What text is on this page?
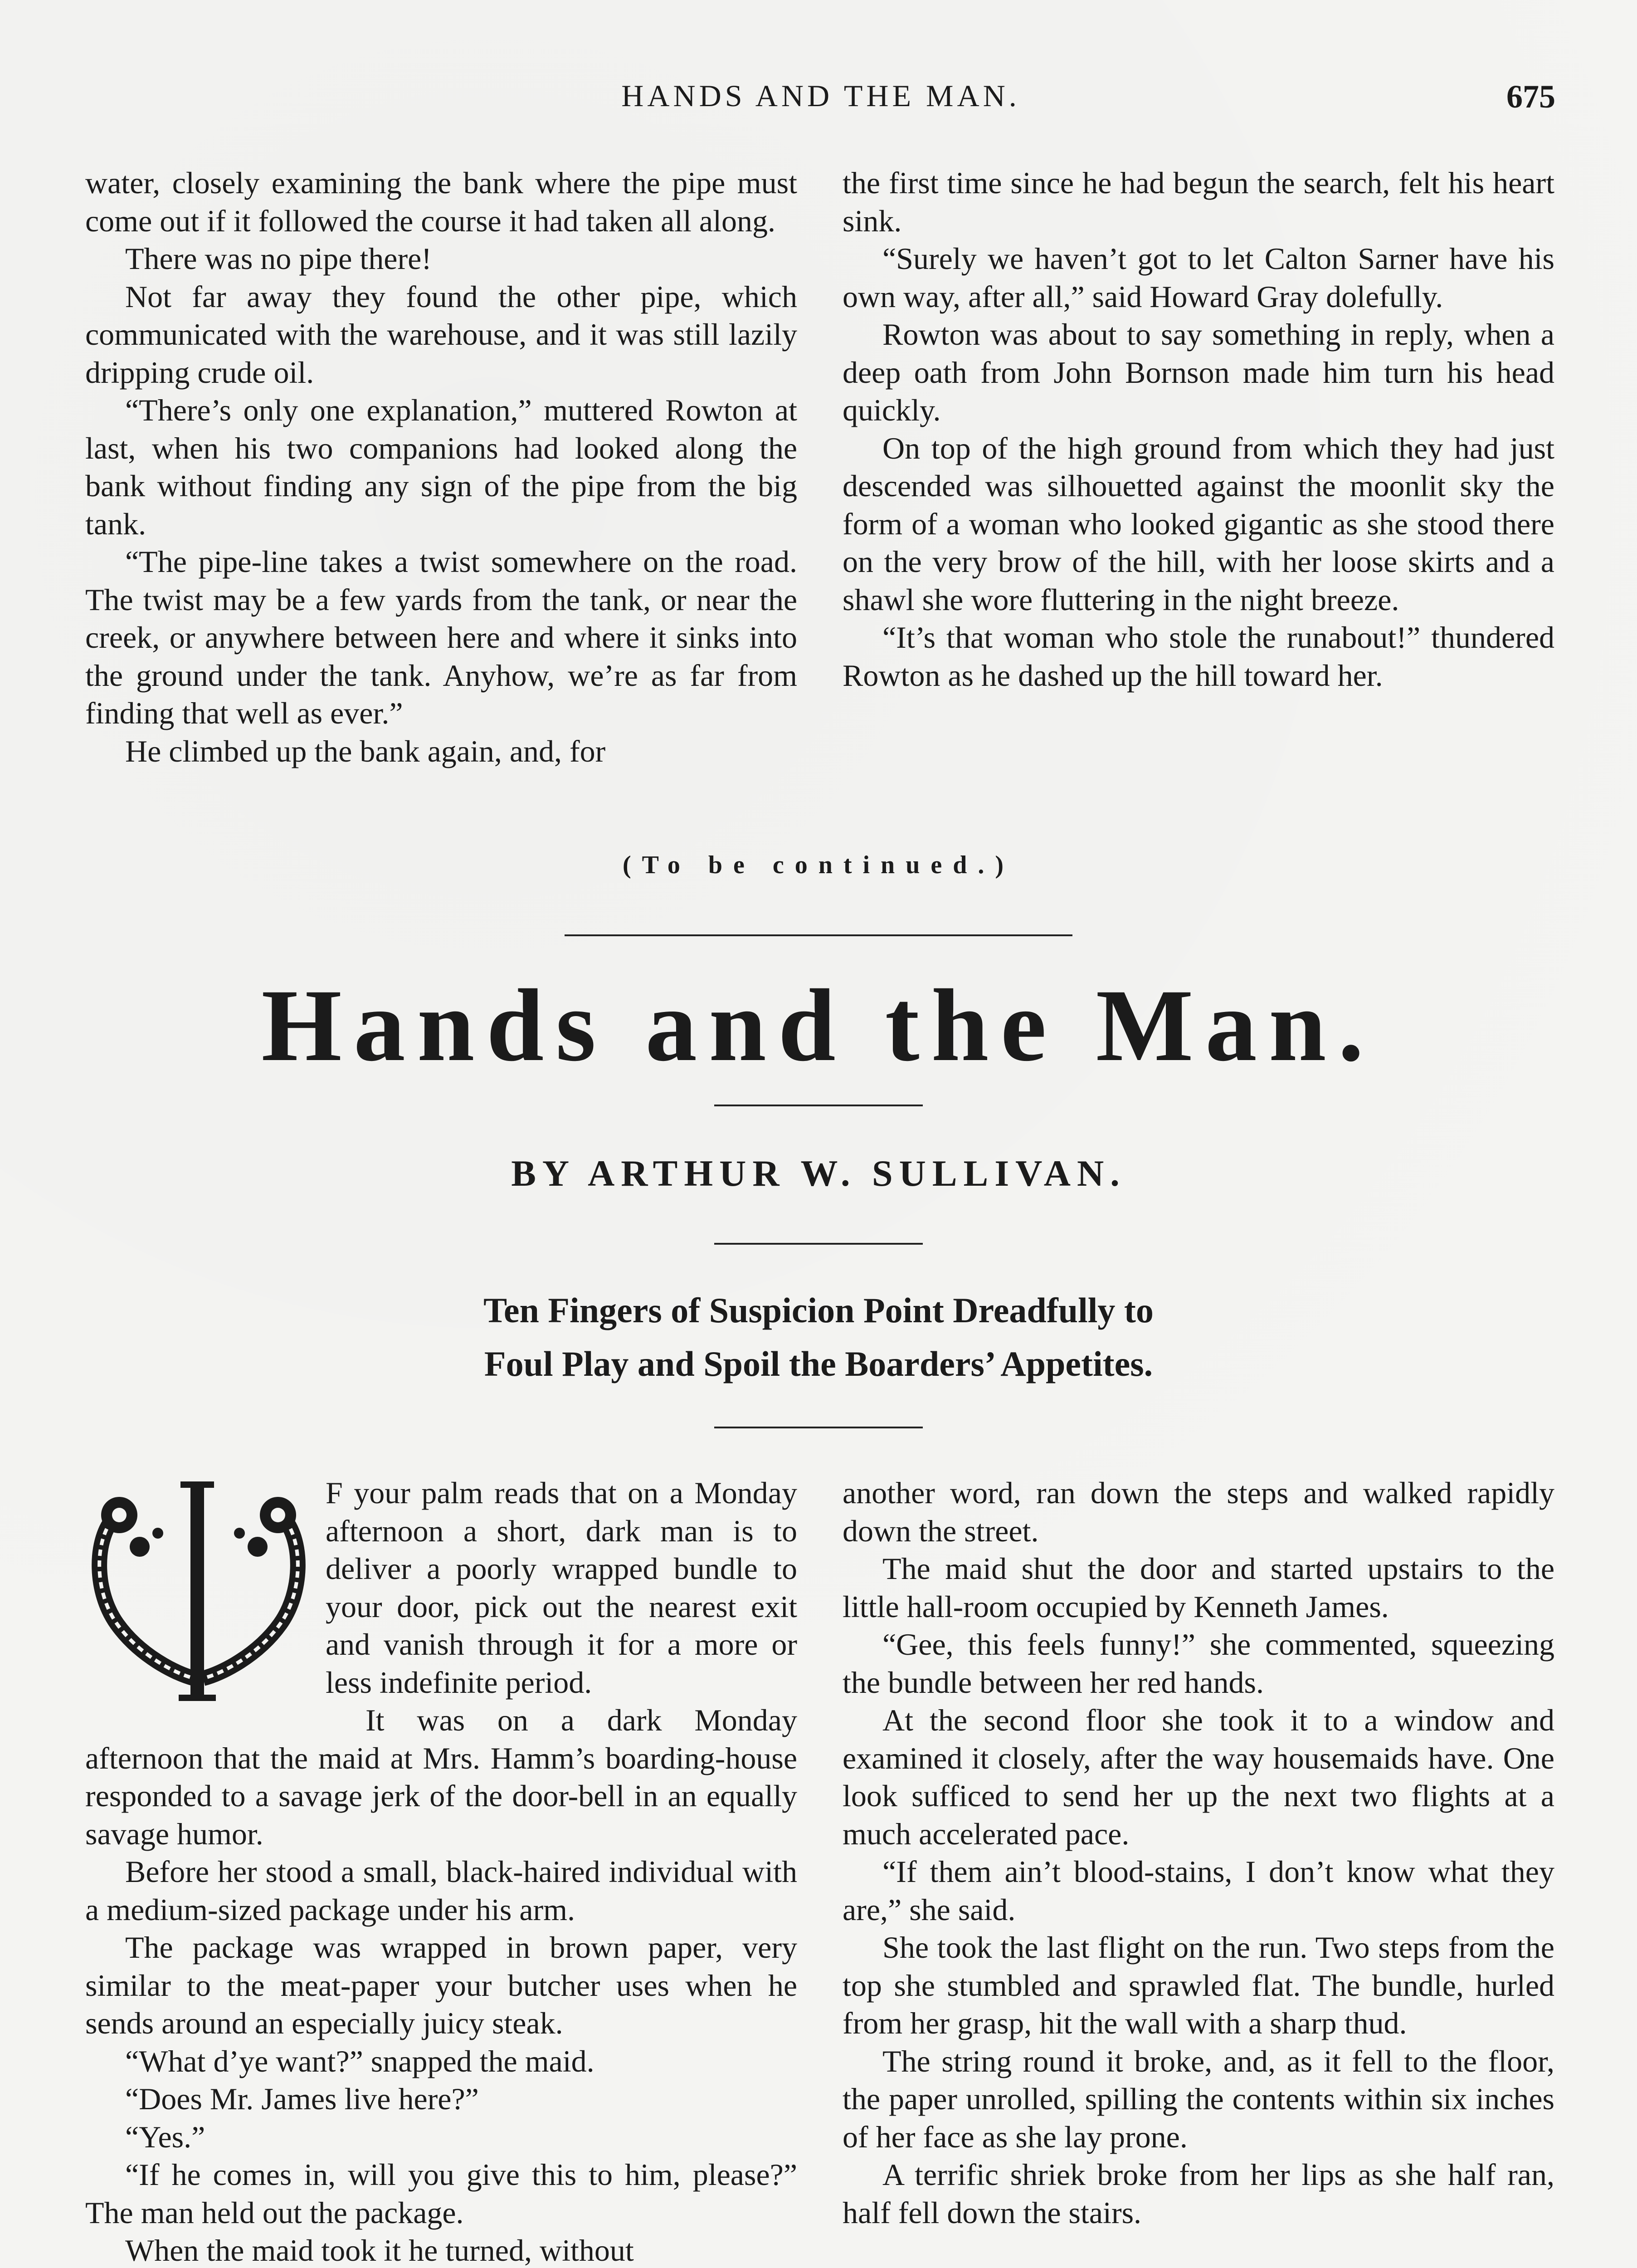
HANDS AND THE MAN.	675

water, closely examining the bank where the pipe must come out if it followed the course it had taken all along.

There was no pipe there!

Not far away they found the other pipe, which communicated with the warehouse, and it was still lazily dripping crude oil.

“There’s only one explanation,” muttered Rowton at last, when his two companions had looked along the bank without finding any sign of the pipe from the big tank.

“The pipe-line takes a twist somewhere on the road. The twist may be a few yards from the tank, or near the creek, or anywhere between here and where it sinks into the ground under the tank. Anyhow, we’re as far from finding that well as ever.”

He climbed up the bank again, and, for

the first time since he had begun the search, felt his heart sink.

“Surely we haven’t got to let Calton Sarner have his own way, after all,” said Howard Gray dolefully.

Rowton was about to say something in reply, when a deep oath from John Bornson made him turn his head quickly.

On top of the high ground from which they had just descended was silhouetted against the moonlit sky the form of a woman who looked gigantic as she stood there on the very brow of the hill, with her loose skirts and a shawl she wore fluttering in the night breeze.

“It’s that woman who stole the runabout!” thundered Rowton as he dashed up the hill toward her.

(To be continued.)
Hands and the Man.
BY ARTHUR W. SULLIVAN.
Ten Fingers of Suspicion Point Dreadfully to
Foul Play and Spoil the Boarders’ Appetites.

F your palm reads that on a Monday afternoon a short, dark man is to deliver a poorly wrapped bundle to your door, pick out the nearest exit and vanish through it for a more or less indefinite period.

It was on a dark Monday afternoon that the maid at Mrs. Hamm’s boarding-house responded to a savage jerk of the door-bell in an equally savage humor.

Before her stood a small, black-haired individual with a medium-sized package under his arm.

The package was wrapped in brown paper, very similar to the meat-paper your butcher uses when he sends around an especially juicy steak.

“What d’ye want?” snapped the maid.

“Does Mr. James live here?”

“Yes.”

“If he comes in, will you give this to him, please?” The man held out the package.

When the maid took it he turned, without

another word, ran down the steps and walked rapidly down the street.

The maid shut the door and started upstairs to the little hall-room occupied by Kenneth James.

“Gee, this feels funny!” she commented, squeezing the bundle between her red hands.

At the second floor she took it to a window and examined it closely, after the way housemaids have. One look sufficed to send her up the next two flights at a much accelerated pace.

“If them ain’t blood-stains, I don’t know what they are,” she said.

She took the last flight on the run. Two steps from the top she stumbled and sprawled flat. The bundle, hurled from her grasp, hit the wall with a sharp thud.

The string round it broke, and, as it fell to the floor, the paper unrolled, spilling the contents within six inches of her face as she lay prone.

A terrific shriek broke from her lips as she half ran, half fell down the stairs.
